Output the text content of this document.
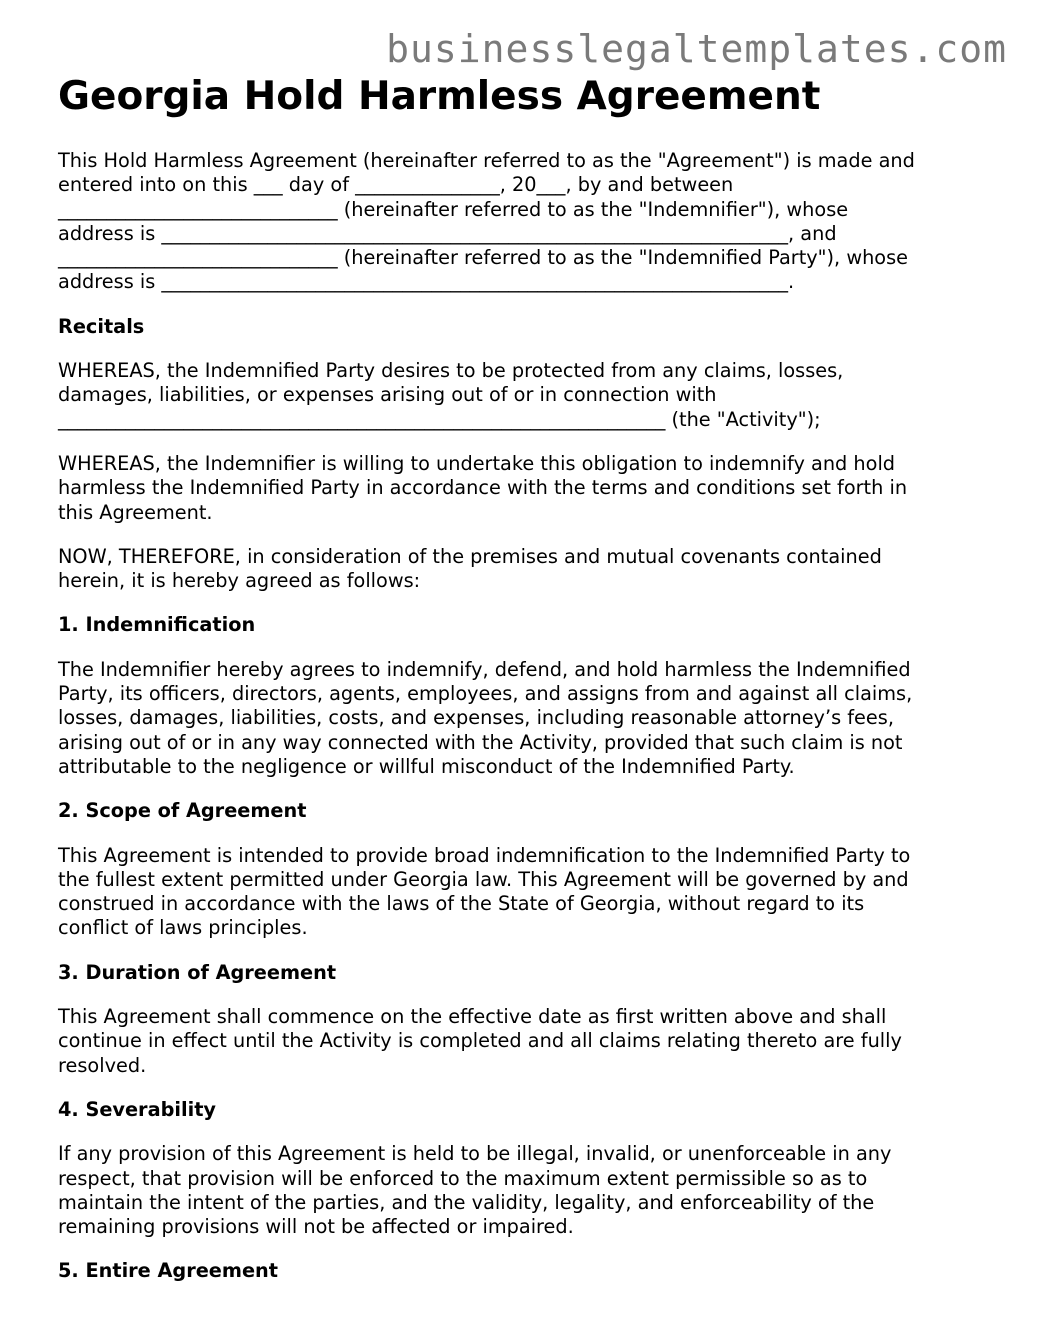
businesslegaltemplates.com
Georgia Hold Harmless Agreement
This Hold Harmless Agreement (hereinafter referred to as the "Agreement") is made and
entered into on this ___ day of _______________, 20___, by and between
_____________________________ (hereinafter referred to as the "Indemnifier"), whose
address is _________________________________________________________________, and
_____________________________ (hereinafter referred to as the "Indemnified Party"), whose
address is _________________________________________________________________.
Recitals
WHEREAS, the Indemnified Party desires to be protected from any claims, losses,
damages, liabilities, or expenses arising out of or in connection with
_______________________________________________________________ (the "Activity");
WHEREAS, the Indemnifier is willing to undertake this obligation to indemnify and hold
harmless the Indemnified Party in accordance with the terms and conditions set forth in
this Agreement.
NOW, THEREFORE, in consideration of the premises and mutual covenants contained
herein, it is hereby agreed as follows:
1. Indemnification
The Indemnifier hereby agrees to indemnify, defend, and hold harmless the Indemnified
Party, its officers, directors, agents, employees, and assigns from and against all claims,
losses, damages, liabilities, costs, and expenses, including reasonable attorney’s fees,
arising out of or in any way connected with the Activity, provided that such claim is not
attributable to the negligence or willful misconduct of the Indemnified Party.
2. Scope of Agreement
This Agreement is intended to provide broad indemnification to the Indemnified Party to
the fullest extent permitted under Georgia law. This Agreement will be governed by and
construed in accordance with the laws of the State of Georgia, without regard to its
conflict of laws principles.
3. Duration of Agreement
This Agreement shall commence on the effective date as first written above and shall
continue in effect until the Activity is completed and all claims relating thereto are fully
resolved.
4. Severability
If any provision of this Agreement is held to be illegal, invalid, or unenforceable in any
respect, that provision will be enforced to the maximum extent permissible so as to
maintain the intent of the parties, and the validity, legality, and enforceability of the
remaining provisions will not be affected or impaired.
5. Entire Agreement
